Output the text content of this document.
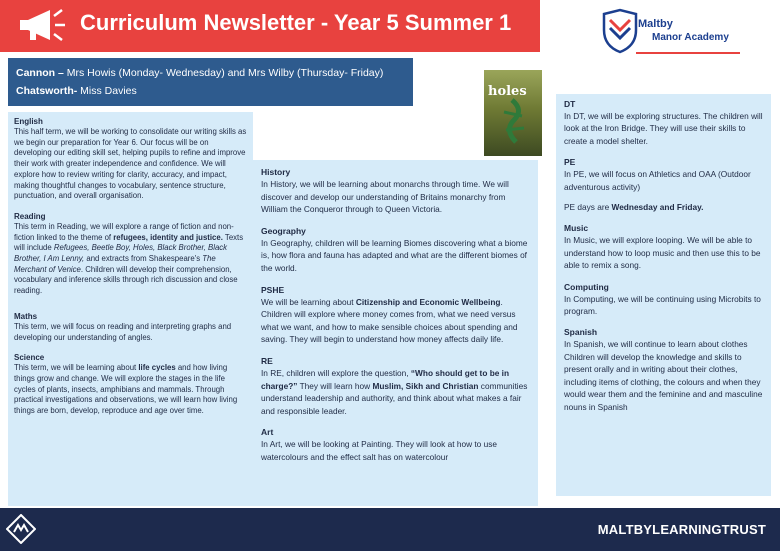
Curriculum Newsletter - Year 5 Summer 1	Maltby
Manor Academy
Cannon – Mrs Howis (Monday- Wednesday) and Mrs Wilby (Thursday- Friday)
Chatsworth- Miss Davies	holes
English

This half term, we will be working to consolidate our writing skills as we begin our preparation for Year 6. Our focus will be on developing our editing skill set, helping pupils to refine and improve their work with greater independence and confidence. We will explore how to review writing for clarity, accuracy, and impact, making thoughtful changes to vocabulary, sentence structure, punctuation, and overall organisation.

Reading

This term in Reading, we will explore a range of fiction and non-fiction linked to the theme of refugees, identity and justice. Texts will include Refugees, Beetle Boy, Holes, Black Brother, Black Brother, I Am Lenny, and extracts from Shakespeare's The Merchant of Venice. Children will develop their comprehension, vocabulary and inference skills through rich discussion and close reading.

Maths

This term, we will focus on reading and interpreting graphs and developing our understanding of angles.

Science

This term, we will be learning about life cycles and how living things grow and change. We will explore the stages in the life cycles of plants, insects, amphibians and mammals. Through practical investigations and observations, we will learn how living things are born, develop, reproduce and age over time.

History

In History, we will be learning about monarchs through time. We will discover and develop our understanding of Britains monarchy from William the Conqueror through to Queen Victoria.

Geography

In Geography, children will be learning Biomes discovering what a biome is, how flora and fauna has adapted and what are the different biomes of the world.

PSHE

We will be learning about Citizenship and Economic Wellbeing. Children will explore where money comes from, what we need versus what we want, and how to make sensible choices about spending and saving. They will begin to understand how money affects daily life.

RE

In RE, children will explore the question, “Who should get to be in charge?” They will learn how Muslim, Sikh and Christian communities understand leadership and authority, and think about what makes a fair and responsible leader.

Art

In Art, we will be looking at Painting. They will look at how to use watercolours and the effect salt has on watercolour

DT

In DT, we will be exploring structures. The children will look at the Iron Bridge. They will use their skills to create a model shelter.

PE

In PE, we will focus on Athletics and OAA (Outdoor adventurous activity)

PE days are Wednesday and Friday.

Music

In Music, we will explore looping. We will be able to understand how to loop music and then use this to be able to remix a song.

Computing

In Computing, we will be continuing using Microbits to program.

Spanish

In Spanish, we will continue to learn about clothes Children will develop the knowledge and skills to present orally and in writing about their clothes, including items of clothing, the colours and when they would wear them and the feminine and and masculine nouns in Spanish

MALTBYLEARNINGTRUST
